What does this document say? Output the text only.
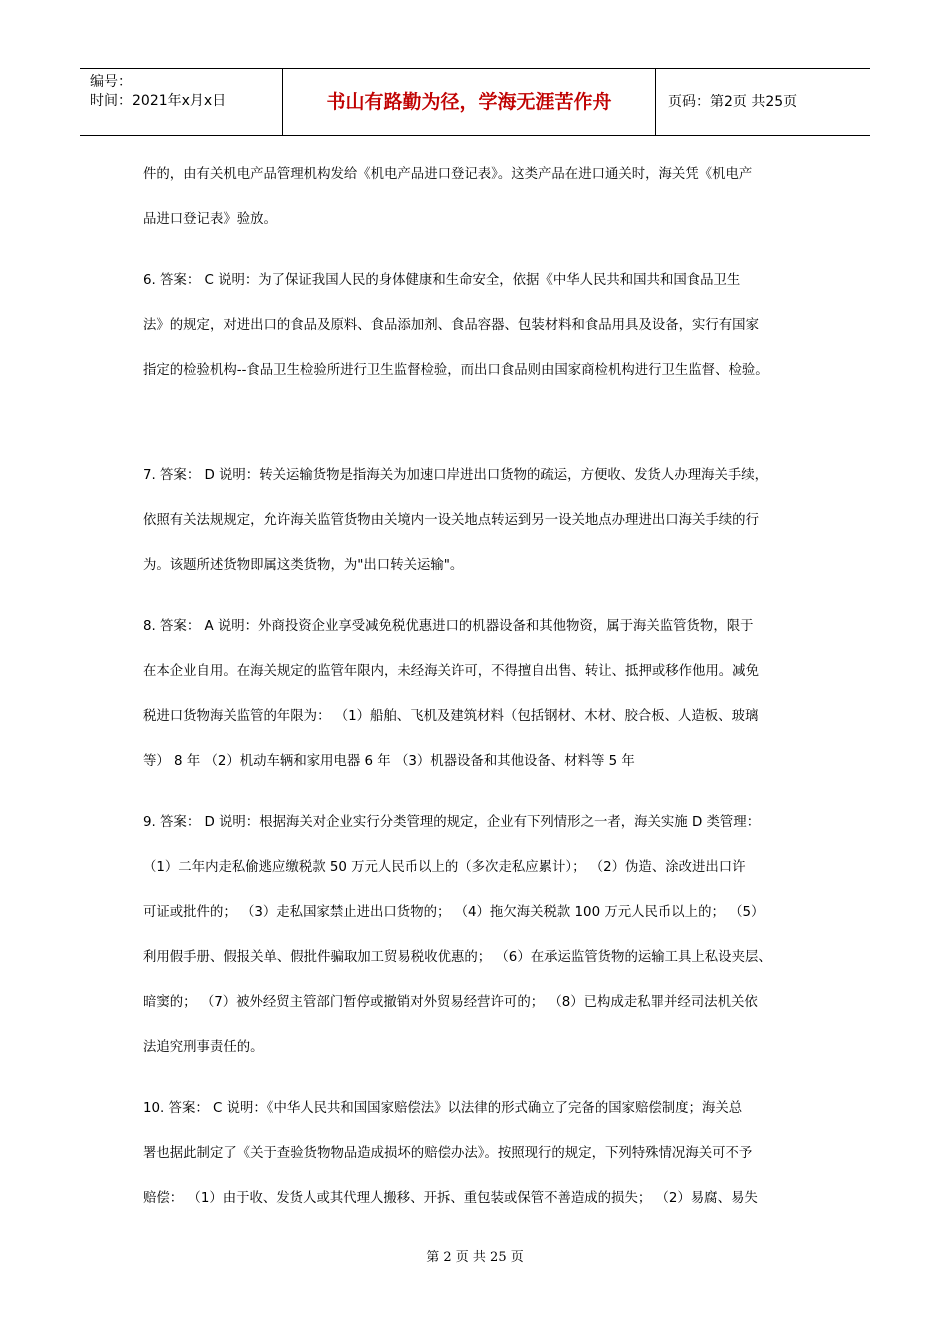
编号：
时间：2021年x月x日	书山有路勤为径，学海无涯苦作舟	页码：第2页 共25页
件的，由有关机电产品管理机构发给《机电产品进口登记表》。这类产品在进口通关时，海关凭《机电产
品进口登记表》验放。
6. 答案： C 说明：为了保证我国人民的身体健康和生命安全，依据《中华人民共和国共和国食品卫生
法》的规定，对进出口的食品及原料、食品添加剂、食品容器、包装材料和食品用具及设备，实行有国家
指定的检验机构--食品卫生检验所进行卫生监督检验，而出口食品则由国家商检机构进行卫生监督、检验。
7. 答案： D 说明：转关运输货物是指海关为加速口岸进出口货物的疏运，方便收、发货人办理海关手续，
依照有关法规规定，允许海关监管货物由关境内一设关地点转运到另一设关地点办理进出口海关手续的行
为。该题所述货物即属这类货物，为"出口转关运输"。
8. 答案： A 说明：外商投资企业享受减免税优惠进口的机器设备和其他物资，属于海关监管货物，限于
在本企业自用。在海关规定的监管年限内，未经海关许可，不得擅自出售、转让、抵押或移作他用。减免
税进口货物海关监管的年限为： （1）船舶、飞机及建筑材料（包括钢材、木材、胶合板、人造板、玻璃
等） 8 年 （2）机动车辆和家用电器 6 年 （3）机器设备和其他设备、材料等 5 年
9. 答案： D 说明：根据海关对企业实行分类管理的规定，企业有下列情形之一者，海关实施 D 类管理：
（1）二年内走私偷逃应缴税款 50 万元人民币以上的（多次走私应累计）； （2）伪造、涂改进出口许
可证或批件的； （3）走私国家禁止进出口货物的； （4）拖欠海关税款 100 万元人民币以上的； （5）
利用假手册、假报关单、假批件骗取加工贸易税收优惠的； （6）在承运监管货物的运输工具上私设夹层、
暗窦的； （7）被外经贸主管部门暂停或撤销对外贸易经营许可的； （8）已构成走私罪并经司法机关依
法追究刑事责任的。
10. 答案： C 说明：《中华人民共和国国家赔偿法》以法律的形式确立了完备的国家赔偿制度；海关总
署也据此制定了《关于查验货物物品造成损坏的赔偿办法》。按照现行的规定，下列特殊情况海关可不予
赔偿： （1）由于收、发货人或其代理人搬移、开拆、重包装或保管不善造成的损失； （2）易腐、易失
第 2 页 共 25 页
